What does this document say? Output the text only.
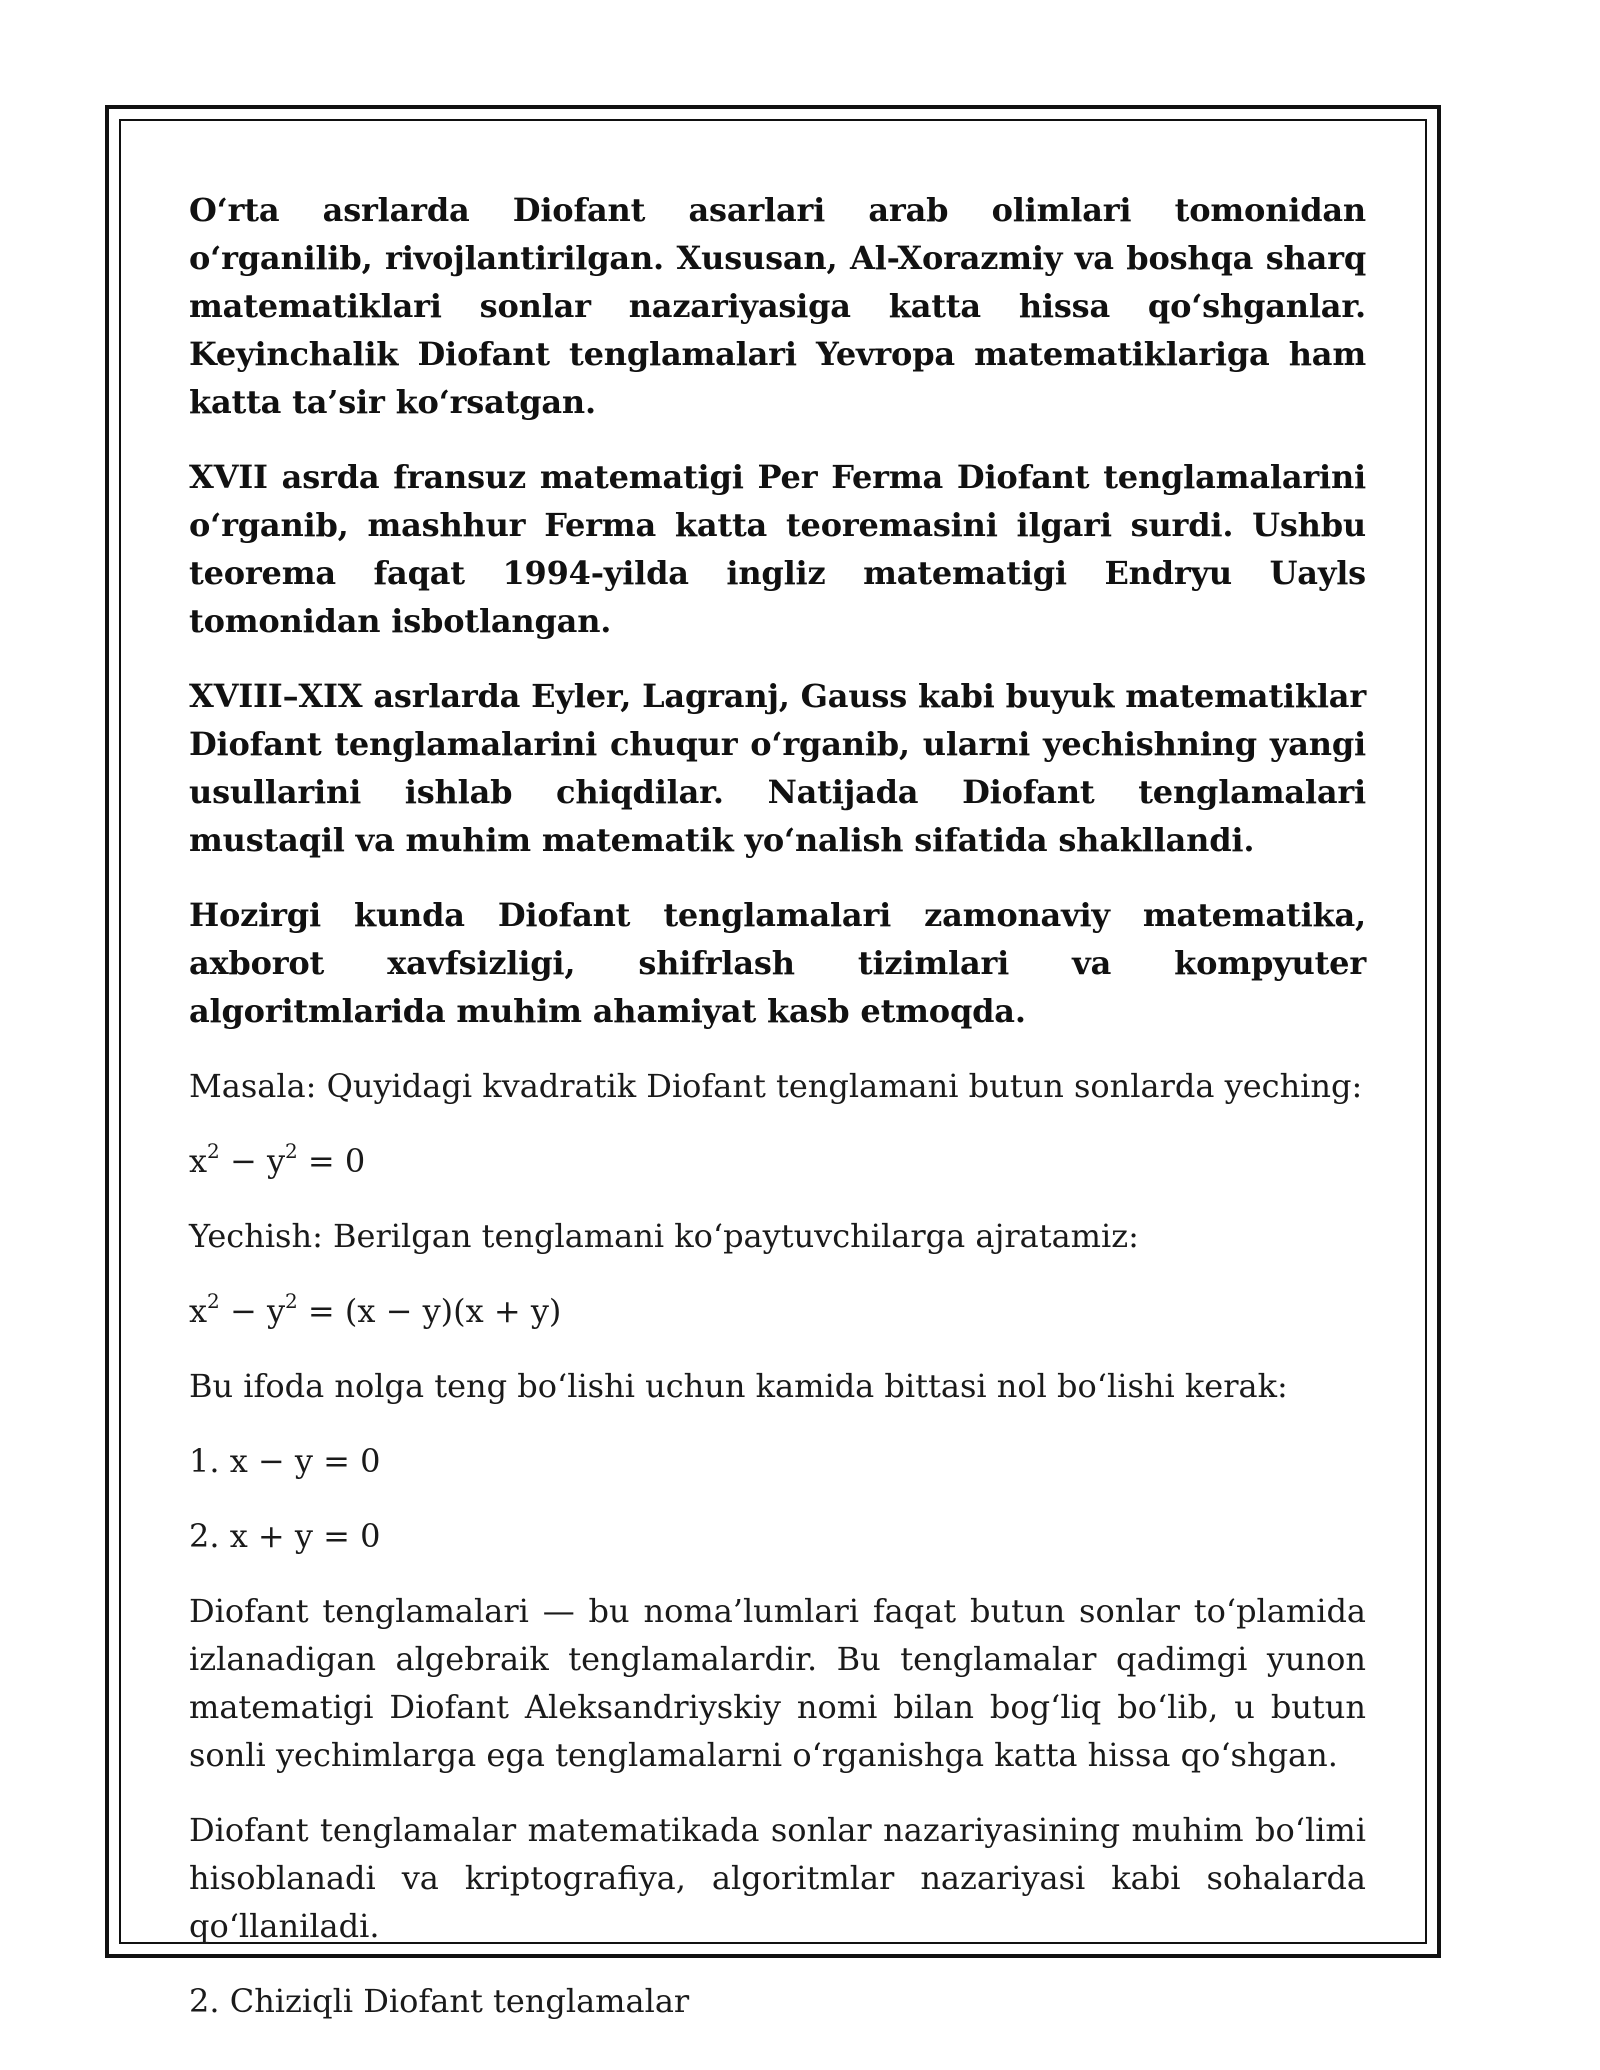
O‘rta asrlarda Diofant asarlari arab olimlari tomonidan o‘rganilib, rivojlantirilgan. Xususan, Al-Xorazmiy va boshqa sharq matematiklari sonlar nazariyasiga katta hissa qo‘shganlar. Keyinchalik Diofant tenglamalari Yevropa matematiklariga ham katta ta’sir ko‘rsatgan.

XVII asrda fransuz matematigi Per Ferma Diofant tenglamalarini o‘rganib, mashhur Ferma katta teoremasini ilgari surdi. Ushbu teorema faqat 1994-yilda ingliz matematigi Endryu Uayls tomonidan isbotlangan.

XVIII–XIX asrlarda Eyler, Lagranj, Gauss kabi buyuk matematiklar Diofant tenglamalarini chuqur o‘rganib, ularni yechishning yangi usullarini ishlab chiqdilar. Natijada Diofant tenglamalari mustaqil va muhim matematik yo‘nalish sifatida shakllandi.

Hozirgi kunda Diofant tenglamalari zamonaviy matematika, axborot xavfsizligi, shifrlash tizimlari va kompyuter algoritmlarida muhim ahamiyat kasb etmoqda.

Masala: Quyidagi kvadratik Diofant tenglamani butun sonlarda yeching:

$x^2 - y^2 = 0$

Yechish: Berilgan tenglamani ko‘paytuvchilarga ajratamiz:

$x^2 - y^2 = (x - y)(x + y)$

Bu ifoda nolga teng bo‘lishi uchun kamida bittasi nol bo‘lishi kerak:

1. x − y = 0

2. x + y = 0

Diofant tenglamalari — bu noma’lumlari faqat butun sonlar to‘plamida izlanadigan algebraik tenglamalardir. Bu tenglamalar qadimgi yunon matematigi Diofant Aleksandriyskiy nomi bilan bog‘liq bo‘lib, u butun sonli yechimlarga ega tenglamalarni o‘rganishga katta hissa qo‘shgan.

Diofant tenglamalar matematikada sonlar nazariyasining muhim bo‘limi hisoblanadi va kriptografiya, algoritmlar nazariyasi kabi sohalarda qo‘llaniladi.

2. Chiziqli Diofant tenglamalar
